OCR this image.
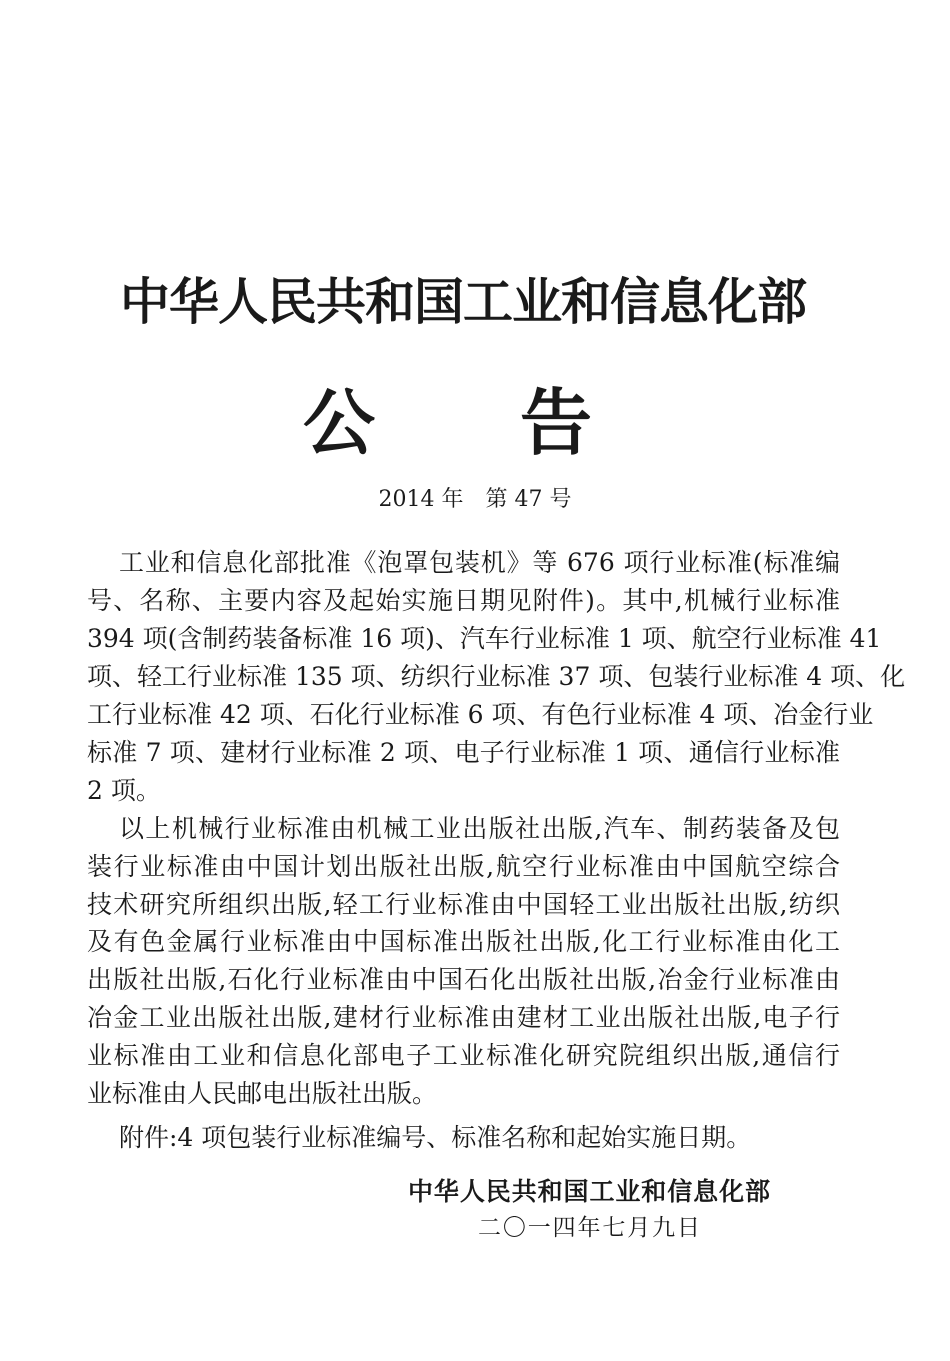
中华人民共和国工业和信息化部
公 告
2014 年　第 47 号
工业和信息化部批准《泡罩包装机》等 676 项行业标准(标准编
号、名称、主要内容及起始实施日期见附件)。其中,机械行业标准
394 项(含制药装备标准 16 项)、汽车行业标准 1 项、航空行业标准 41
项、轻工行业标准 135 项、纺织行业标准 37 项、包装行业标准 4 项、化
工行业标准 42 项、石化行业标准 6 项、有色行业标准 4 项、冶金行业
标准 7 项、建材行业标准 2 项、电子行业标准 1 项、通信行业标准
2 项。
以上机械行业标准由机械工业出版社出版,汽车、制药装备及包
装行业标准由中国计划出版社出版,航空行业标准由中国航空综合
技术研究所组织出版,轻工行业标准由中国轻工业出版社出版,纺织
及有色金属行业标准由中国标准出版社出版,化工行业标准由化工
出版社出版,石化行业标准由中国石化出版社出版,冶金行业标准由
冶金工业出版社出版,建材行业标准由建材工业出版社出版,电子行
业标准由工业和信息化部电子工业标准化研究院组织出版,通信行
业标准由人民邮电出版社出版。
附件:4 项包装行业标准编号、标准名称和起始实施日期。
中华人民共和国工业和信息化部
二〇一四年七月九日
